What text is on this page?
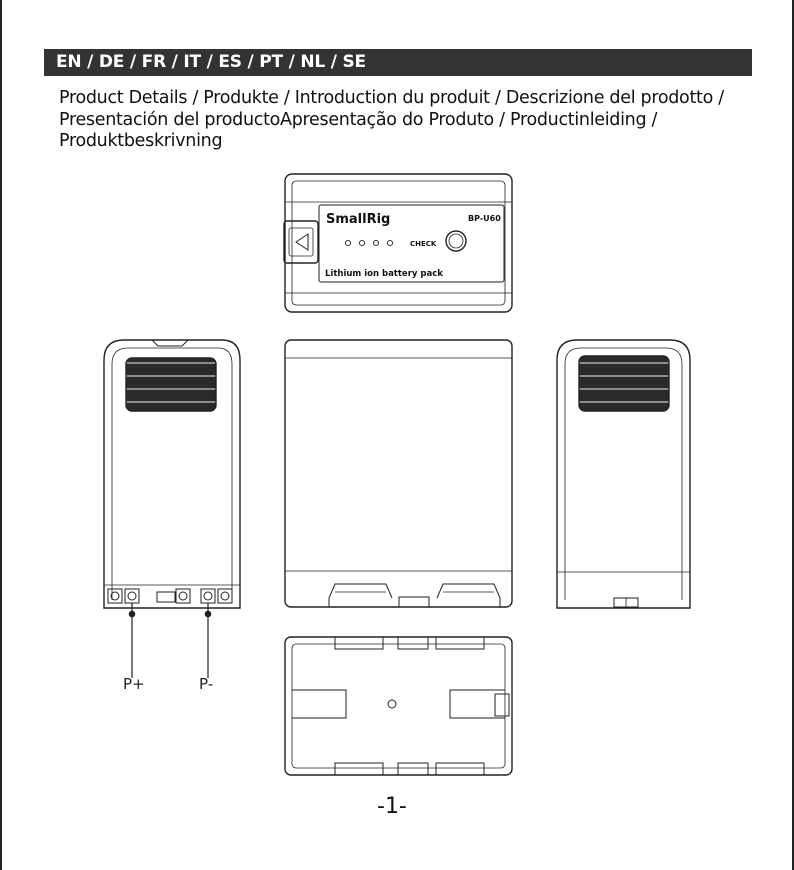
EN / DE / FR / IT / ES / PT / NL / SE
Product Details / Produkte / Introduction du produit / Descrizione del prodotto /
Presentación del productoApresentação do Produto / Productinleiding /
Produktbeskrivning
SmallRig	BP-U60
CHECK
Lithium ion battery pack
P+	P-
-1-
